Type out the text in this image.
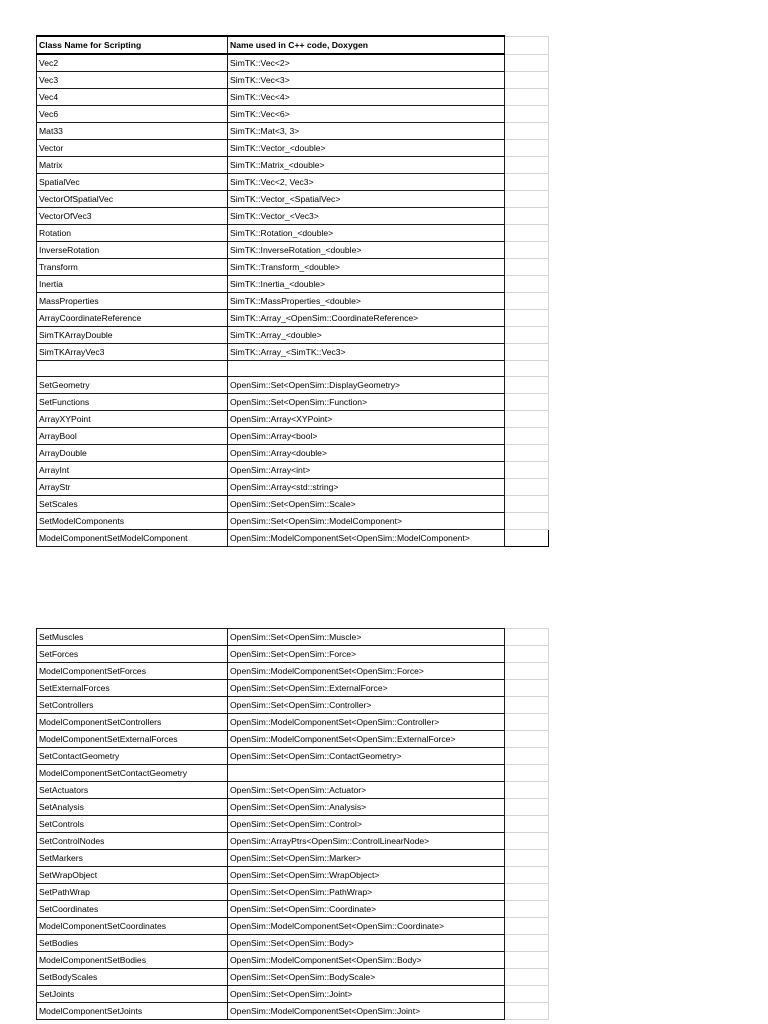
Class Name for Scripting	Name used in C++ code, Doxygen	
Vec2	SimTK::Vec<2>	
Vec3	SimTK::Vec<3>	
Vec4	SimTK::Vec<4>	
Vec6	SimTK::Vec<6>	
Mat33	SimTK::Mat<3, 3>	
Vector	SimTK::Vector_<double>	
Matrix	SimTK::Matrix_<double>	
SpatialVec	SimTK::Vec<2, Vec3>	
VectorOfSpatialVec	SimTK::Vector_<SpatialVec>	
VectorOfVec3	SimTK::Vector_<Vec3>	
Rotation	SimTK::Rotation_<double>	
InverseRotation	SimTK::InverseRotation_<double>	
Transform	SimTK::Transform_<double>	
Inertia	SimTK::Inertia_<double>	
MassProperties	SimTK::MassProperties_<double>	
ArrayCoordinateReference	SimTK::Array_<OpenSim::CoordinateReference>	
SimTKArrayDouble	SimTK::Array_<double>	
SimTKArrayVec3	SimTK::Array_<SimTK::Vec3>	

SetGeometry	OpenSim::Set<OpenSim::DisplayGeometry>	
SetFunctions	OpenSim::Set<OpenSim::Function>	
ArrayXYPoint	OpenSim::Array<XYPoint>	
ArrayBool	OpenSim::Array<bool>	
ArrayDouble	OpenSim::Array<double>	
ArrayInt	OpenSim::Array<int>	
ArrayStr	OpenSim::Array<std::string>	
SetScales	OpenSim::Set<OpenSim::Scale>	
SetModelComponents	OpenSim::Set<OpenSim::ModelComponent>	
ModelComponentSetModelComponent	OpenSim::ModelComponentSet<OpenSim::ModelComponent>	
SetMuscles	OpenSim::Set<OpenSim::Muscle>	
SetForces	OpenSim::Set<OpenSim::Force>	
ModelComponentSetForces	OpenSim::ModelComponentSet<OpenSim::Force>	
SetExternalForces	OpenSim::Set<OpenSim::ExternalForce>	
SetControllers	OpenSim::Set<OpenSim::Controller>	
ModelComponentSetControllers	OpenSim::ModelComponentSet<OpenSim::Controller>	
ModelComponentSetExternalForces	OpenSim::ModelComponentSet<OpenSim::ExternalForce>	
SetContactGeometry	OpenSim::Set<OpenSim::ContactGeometry>	
ModelComponentSetContactGeometry		
SetActuators	OpenSim::Set<OpenSim::Actuator>	
SetAnalysis	OpenSim::Set<OpenSim::Analysis>	
SetControls	OpenSim::Set<OpenSim::Control>	
SetControlNodes	OpenSim::ArrayPtrs<OpenSim::ControlLinearNode>	
SetMarkers	OpenSim::Set<OpenSim::Marker>	
SetWrapObject	OpenSim::Set<OpenSim::WrapObject>	
SetPathWrap	OpenSim::Set<OpenSim::PathWrap>	
SetCoordinates	OpenSim::Set<OpenSim::Coordinate>	
ModelComponentSetCoordinates	OpenSim::ModelComponentSet<OpenSim::Coordinate>	
SetBodies	OpenSim::Set<OpenSim::Body>	
ModelComponentSetBodies	OpenSim::ModelComponentSet<OpenSim::Body>	
SetBodyScales	OpenSim::Set<OpenSim::BodyScale>	
SetJoints	OpenSim::Set<OpenSim::Joint>	
ModelComponentSetJoints	OpenSim::ModelComponentSet<OpenSim::Joint>	
